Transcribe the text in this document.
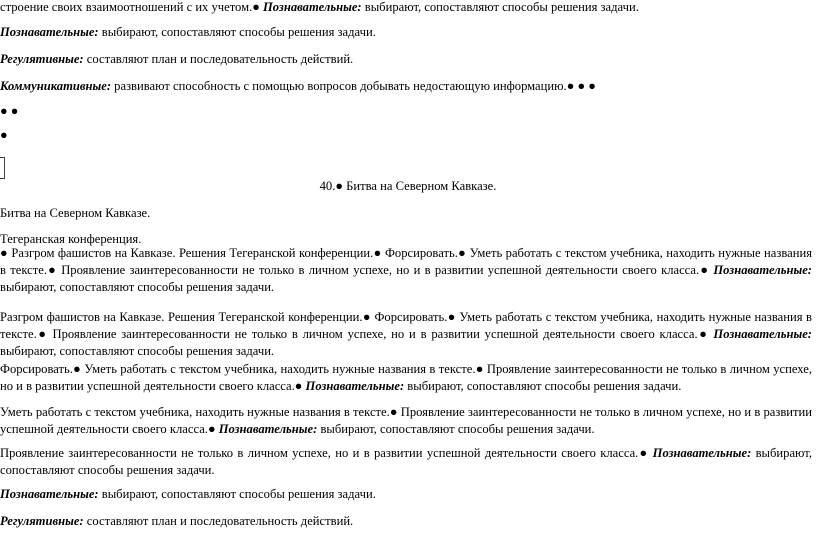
строение своих взаимоотношений с их учетом.● Познавательные: выбирают, сопоставляют способы решения задачи.

Познавательные: выбирают, сопоставляют способы решения задачи.

Регулятивные: составляют план и последовательность действий.

Коммуникативные: развивают способность с помощью вопросов добывать недостающую информацию.● ● ●

● ●

●

40.● Битва на Северном Кавказе.

Битва на Северном Кавказе.

Тегеранская конференция.

● Разгром фашистов на Кавказе. Решения Тегеранской конференции.● Форсировать.● Уметь работать с текстом учебника, находить нужные названия в тексте.● Проявление заинтересованности не только в личном успехе, но и в развитии успешной деятельности своего класса.● Познавательные: выбирают, сопоставляют способы решения задачи.

Разгром фашистов на Кавказе. Решения Тегеранской конференции.● Форсировать.● Уметь работать с текстом учебника, находить нужные названия в тексте.● Проявление заинтересованности не только в личном успехе, но и в развитии успешной деятельности своего класса.● Познавательные: выбирают, сопоставляют способы решения задачи.

Форсировать.● Уметь работать с текстом учебника, находить нужные названия в тексте.● Проявление заинтересованности не только в личном успехе, но и в развитии успешной деятельности своего класса.● Познавательные: выбирают, сопоставляют способы решения задачи.

Уметь работать с текстом учебника, находить нужные названия в тексте.● Проявление заинтересованности не только в личном успехе, но и в развитии успешной деятельности своего класса.● Познавательные: выбирают, сопоставляют способы решения задачи.

Проявление заинтересованности не только в личном успехе, но и в развитии успешной деятельности своего класса.● Познавательные: выбирают, сопоставляют способы решения задачи.

Познавательные: выбирают, сопоставляют способы решения задачи.

Регулятивные: составляют план и последовательность действий.
